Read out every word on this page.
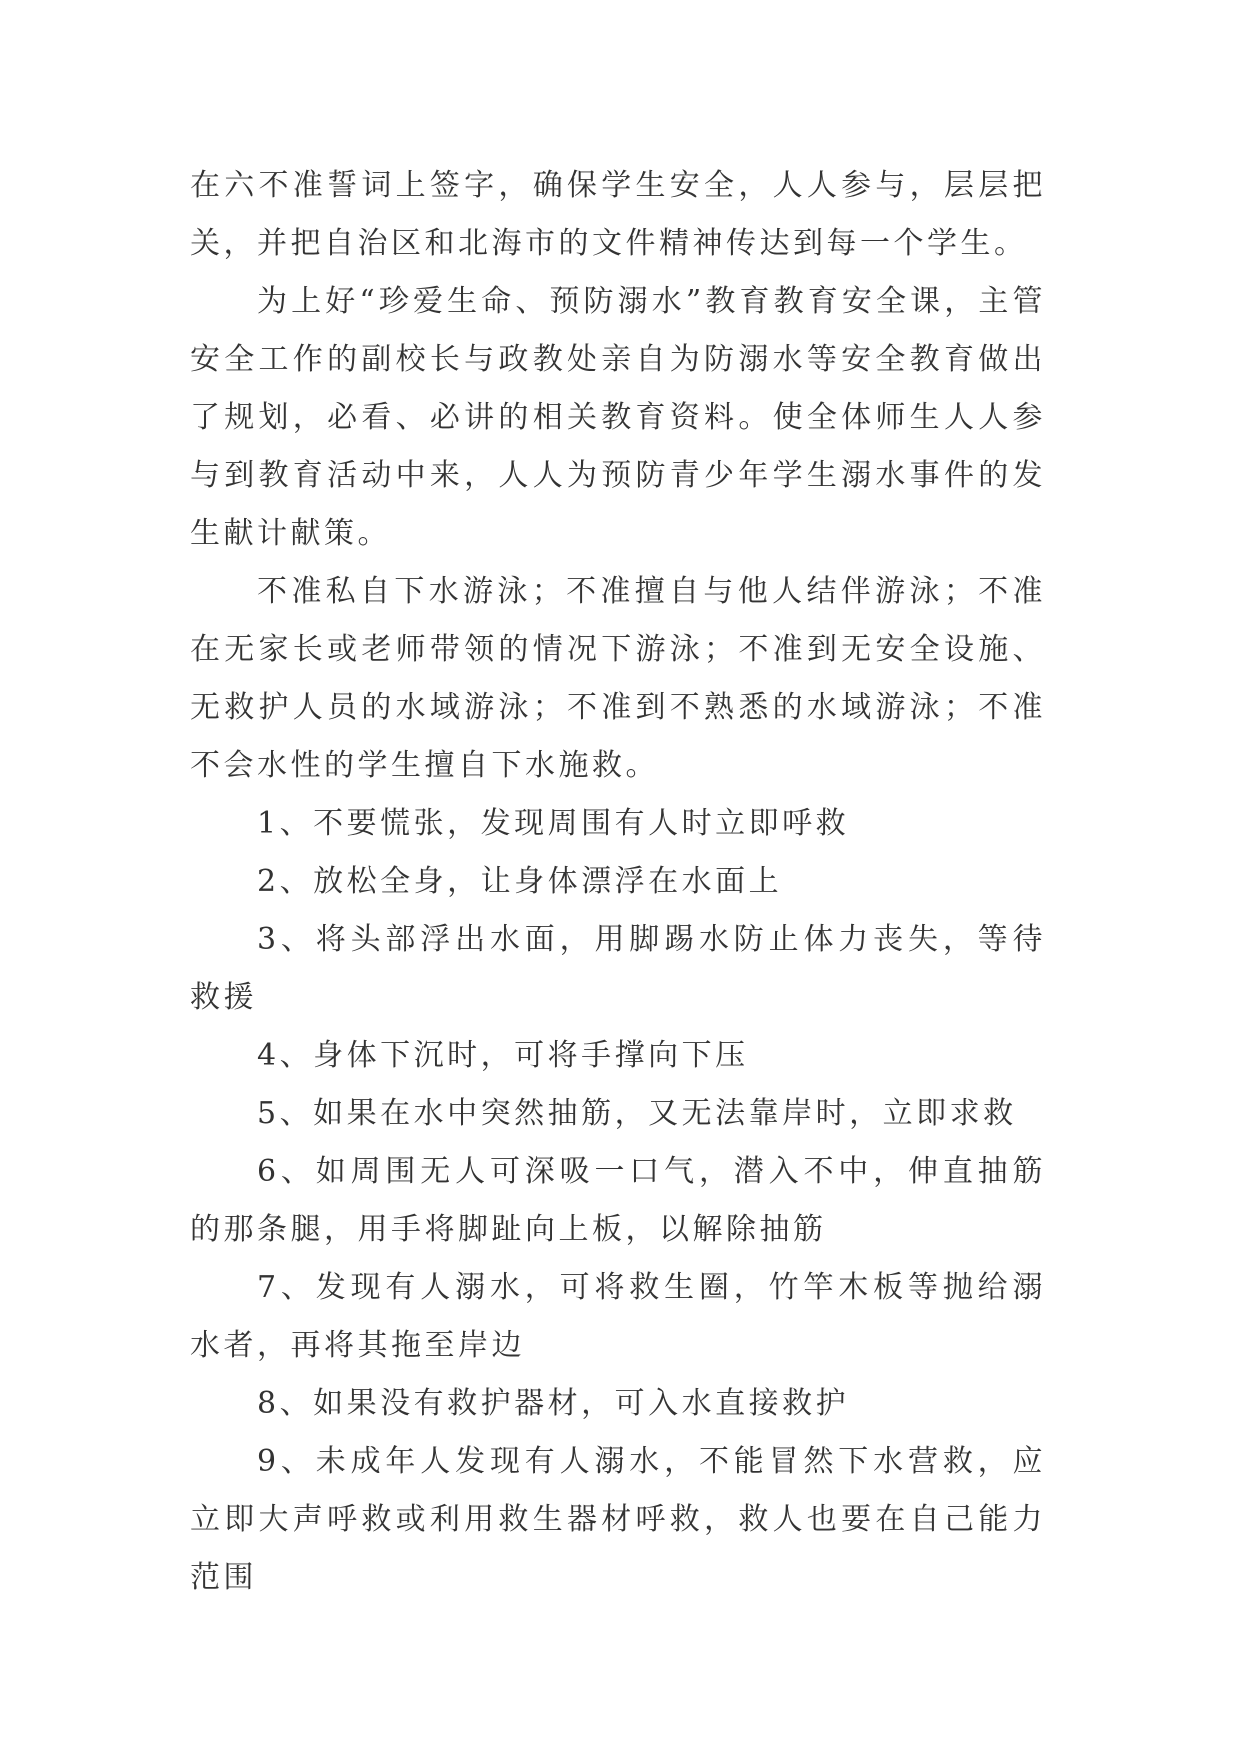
在六不准誓词上签字，确保学生安全，人人参与，层层把关，并把自治区和北海市的文件精神传达到每一个学生。

为上好“珍爱生命、预防溺水”教育教育安全课，主管安全工作的副校长与政教处亲自为防溺水等安全教育做出了规划，必看、必讲的相关教育资料。使全体师生人人参与到教育活动中来，人人为预防青少年学生溺水事件的发生献计献策。

不准私自下水游泳；不准擅自与他人结伴游泳；不准在无家长或老师带领的情况下游泳；不准到无安全设施、无救护人员的水域游泳；不准到不熟悉的水域游泳；不准不会水性的学生擅自下水施救。

1、不要慌张，发现周围有人时立即呼救

2、放松全身，让身体漂浮在水面上

3、将头部浮出水面，用脚踢水防止体力丧失，等待救援

4、身体下沉时，可将手撑向下压

5、如果在水中突然抽筋，又无法靠岸时，立即求救

6、如周围无人可深吸一口气，潜入不中，伸直抽筋的那条腿，用手将脚趾向上板，以解除抽筋

7、发现有人溺水，可将救生圈，竹竿木板等抛给溺水者，再将其拖至岸边

8、如果没有救护器材，可入水直接救护

9、未成年人发现有人溺水，不能冒然下水营救，应立即大声呼救或利用救生器材呼救，救人也要在自己能力范围
